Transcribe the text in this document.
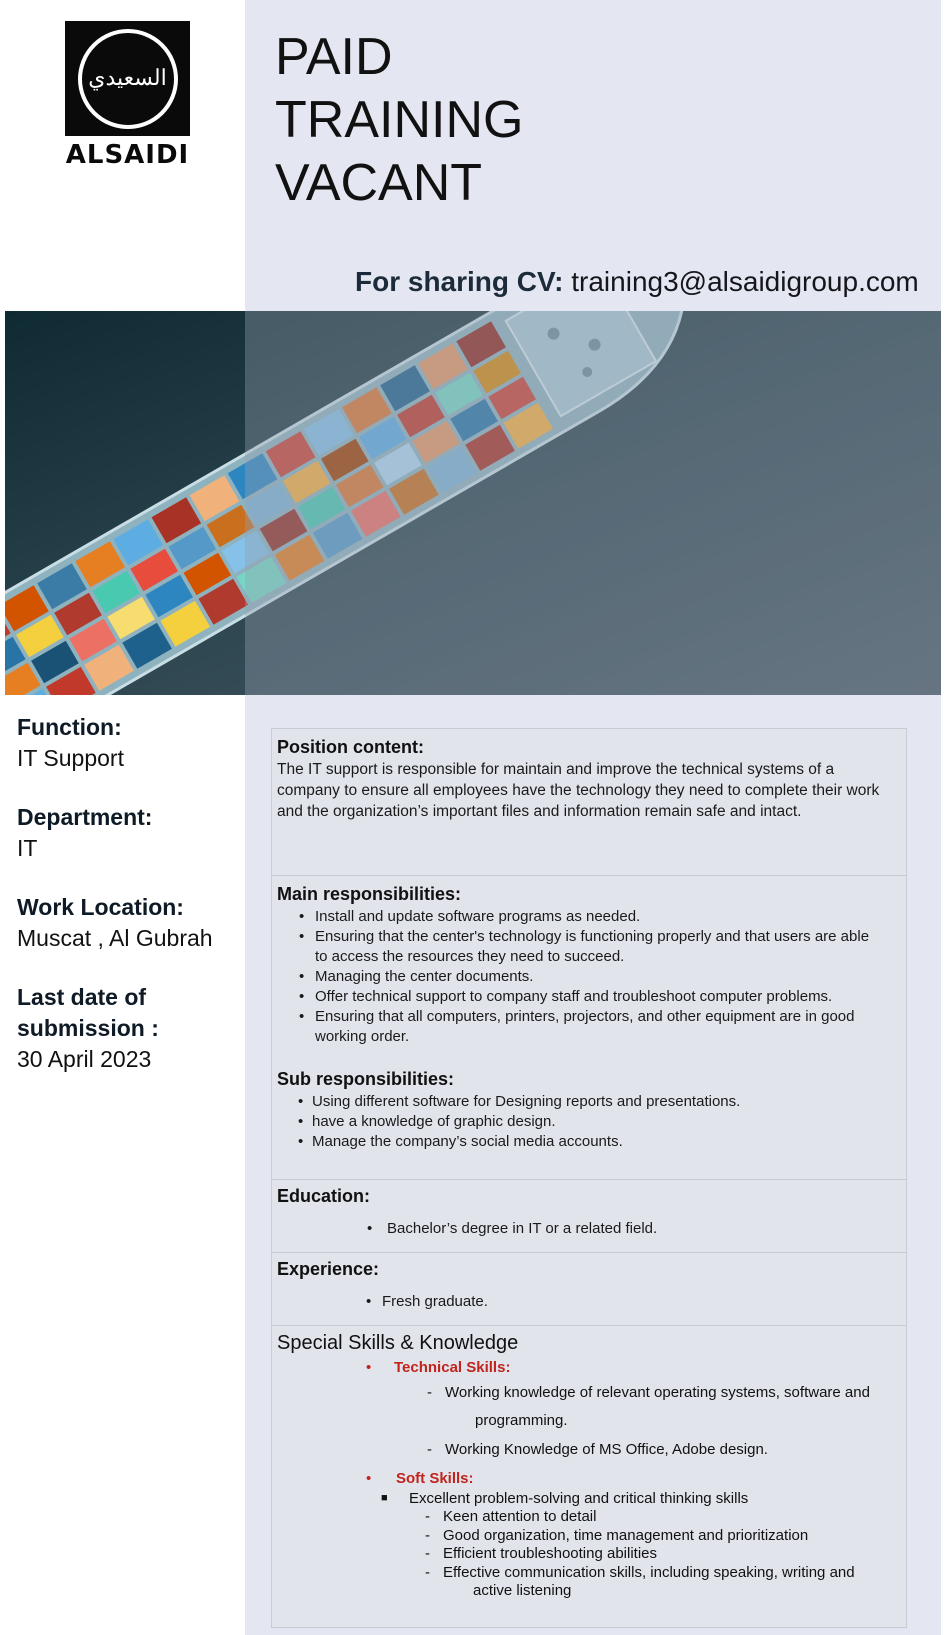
السعيدي
ALSAIDI
PAID
TRAINING
VACANT
For sharing CV: training3@alsaidigroup.com
Function:
IT Support
Department:
IT
Work Location:
Muscat , Al Gubrah
Last date of
submission :
30 April 2023
Position content:
The IT support is responsible for maintain and improve the technical systems of a company to ensure all employees have the technology they need to complete their work and the organization’s important files and information remain safe and intact.
Main responsibilities:
• Install and update software programs as needed.
• Ensuring that the center's technology is functioning properly and that users are able to access the resources they need to succeed.
• Managing the center documents.
• Offer technical support to company staff and troubleshoot computer problems.
• Ensuring that all computers, printers, projectors, and other equipment are in good working order.
Sub responsibilities:
• Using different software for Designing reports and presentations.
• have a knowledge of graphic design.
• Manage the company’s social media accounts.
Education:
• Bachelor’s degree in IT or a related field.
Experience:
• Fresh graduate.
Special Skills & Knowledge
• Technical Skills:
- Working knowledge of relevant operating systems, software and
programming.
- Working Knowledge of MS Office, Adobe design.
• Soft Skills:
■ Excellent problem-solving and critical thinking skills
- Keen attention to detail
- Good organization, time management and prioritization
- Efficient troubleshooting abilities
- Effective communication skills, including speaking, writing and
active listening
